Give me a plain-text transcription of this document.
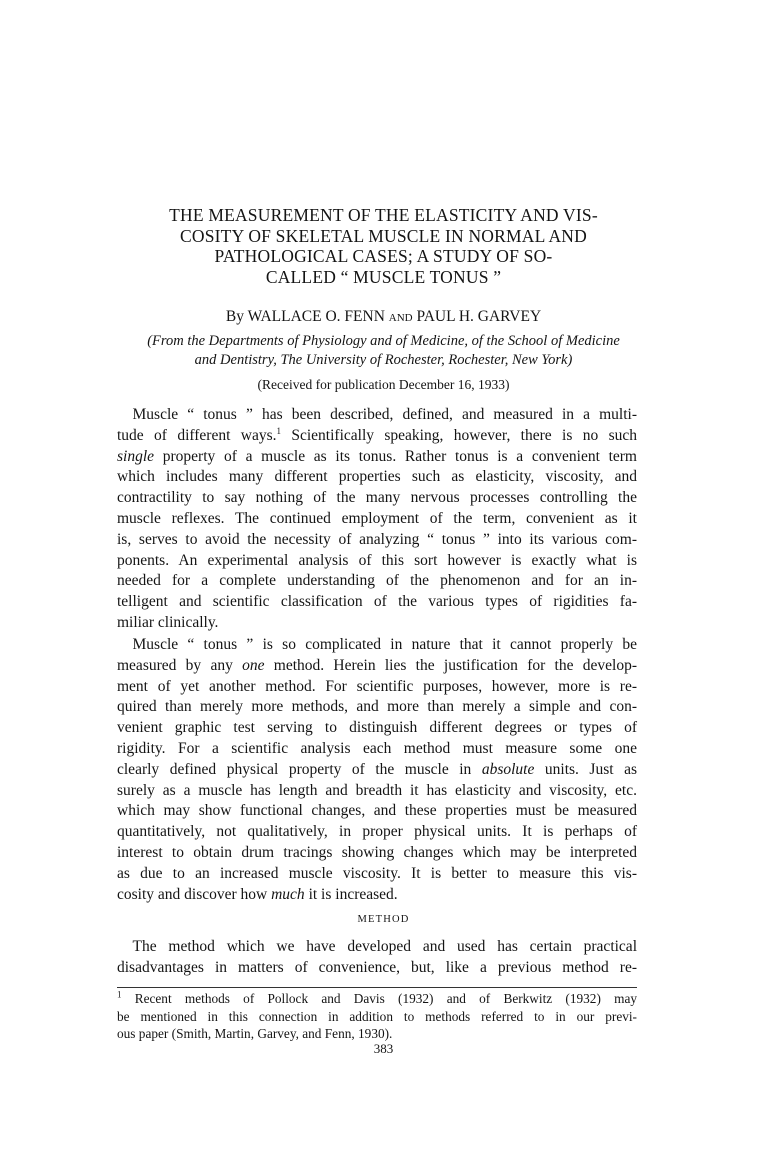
THE MEASUREMENT OF THE ELASTICITY AND VIS-
COSITY OF SKELETAL MUSCLE IN NORMAL AND
PATHOLOGICAL CASES; A STUDY OF SO-
CALLED “ MUSCLE TONUS ”
By WALLACE O. FENN AND PAUL H. GARVEY
(From the Departments of Physiology and of Medicine, of the School of Medicine
and Dentistry, The University of Rochester, Rochester, New York)
(Received for publication December 16, 1933)
 Muscle “ tonus ” has been described, defined, and measured in a multi-
tude of different ways.$^1$ Scientifically speaking, however, there is no such
single property of a muscle as its tonus. Rather tonus is a convenient term
which includes many different properties such as elasticity, viscosity, and
contractility to say nothing of the many nervous processes controlling the
muscle reflexes. The continued employment of the term, convenient as it
is, serves to avoid the necessity of analyzing “ tonus ” into its various com-
ponents. An experimental analysis of this sort however is exactly what is
needed for a complete understanding of the phenomenon and for an in-
telligent and scientific classification of the various types of rigidities fa-
miliar clinically.
 Muscle “ tonus ” is so complicated in nature that it cannot properly be
measured by any one method. Herein lies the justification for the develop-
ment of yet another method. For scientific purposes, however, more is re-
quired than merely more methods, and more than merely a simple and con-
venient graphic test serving to distinguish different degrees or types of
rigidity. For a scientific analysis each method must measure some one
clearly defined physical property of the muscle in absolute units. Just as
surely as a muscle has length and breadth it has elasticity and viscosity, etc.
which may show functional changes, and these properties must be measured
quantitatively, not qualitatively, in proper physical units. It is perhaps of
interest to obtain drum tracings showing changes which may be interpreted
as due to an increased muscle viscosity. It is better to measure this vis-
cosity and discover how much it is increased.
METHOD
 The method which we have developed and used has certain practical
disadvantages in matters of convenience, but, like a previous method re-
$^1$ Recent methods of Pollock and Davis (1932) and of Berkwitz (1932) may
be mentioned in this connection in addition to methods referred to in our previ-
ous paper (Smith, Martin, Garvey, and Fenn, 1930).
383
